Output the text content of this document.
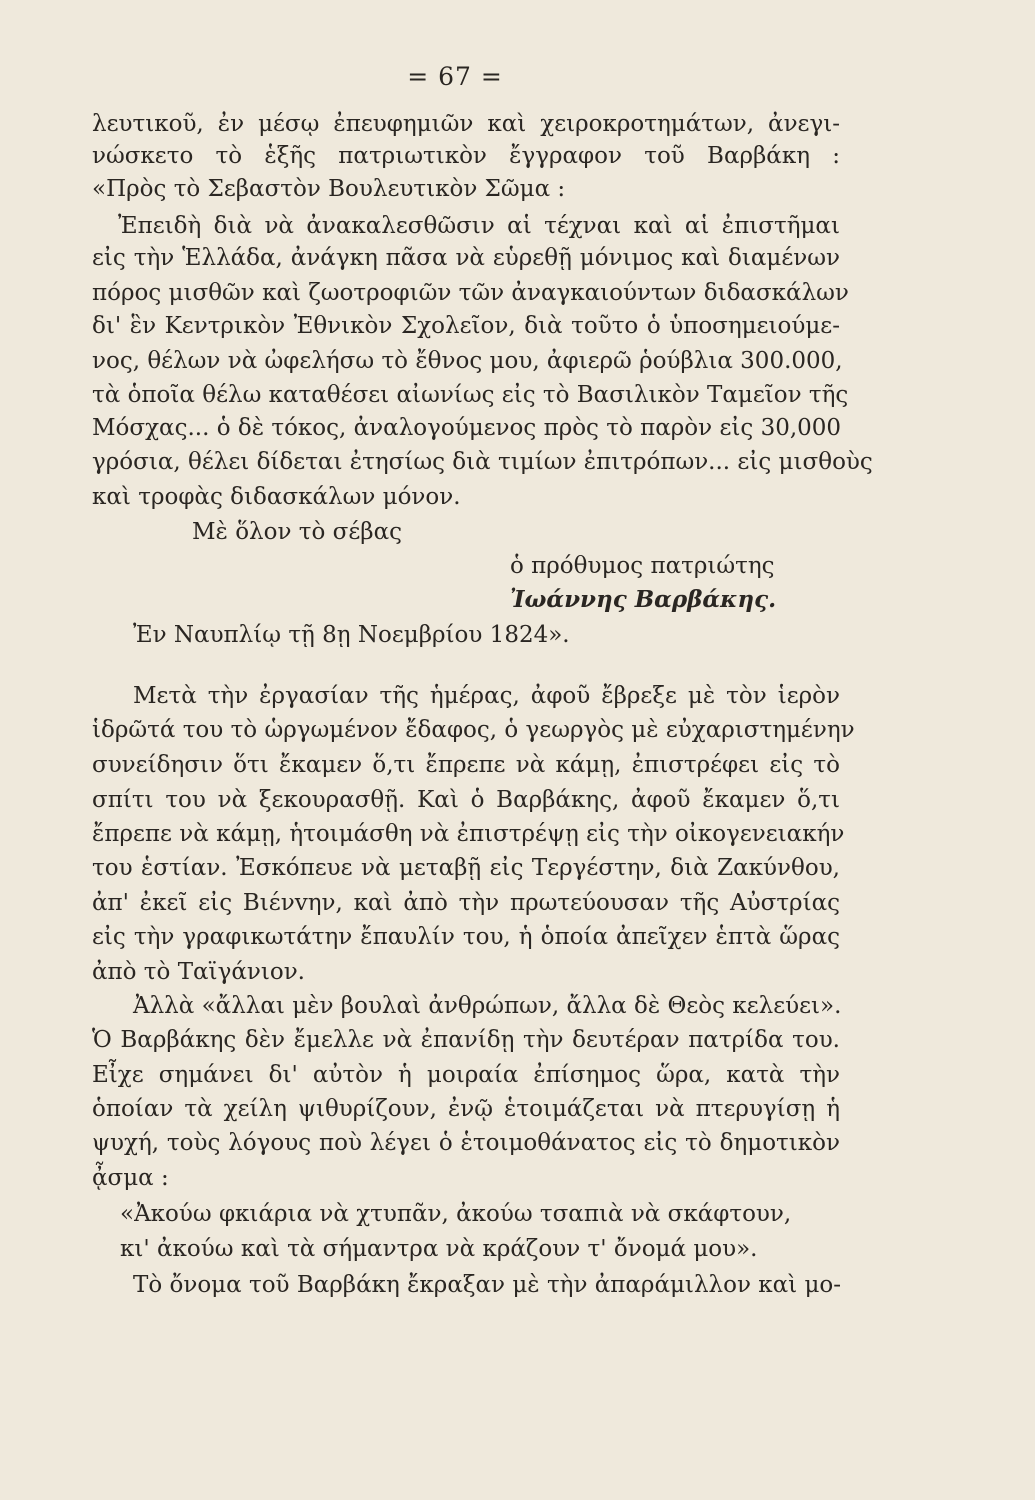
= 67 =
λευτικοῦ, ἐν μέσῳ ἐπευφημιῶν καὶ χειροκροτημάτων, ἀνεγι-
νώσκετο τὸ ἑξῆς πατριωτικὸν ἔγγραφον τοῦ Βαρβάκη :
«Πρὸς τὸ Σεβαστὸν Βουλευτικὸν Σῶμα :
Ἐπειδὴ διὰ νὰ ἀνακαλεσθῶσιν αἱ τέχναι καὶ αἱ ἐπιστῆμαι
εἰς τὴν Ἑλλάδα, ἀνάγκη πᾶσα νὰ εὑρεθῇ μόνιμος καὶ διαμένων
πόρος μισθῶν καὶ ζωοτροφιῶν τῶν ἀναγκαιούντων διδασκάλων
δι' ἓν Κεντρικὸν Ἐθνικὸν Σχολεῖον, διὰ τοῦτο ὁ ὑποσημειούμε-
νος, θέλων νὰ ὠφελήσω τὸ ἔθνος μου, ἀφιερῶ ῥούβλια 300.000,
τὰ ὁποῖα θέλω καταθέσει αἰωνίως εἰς τὸ Βασιλικὸν Ταμεῖον τῆς
Μόσχας... ὁ δὲ τόκος, ἀναλογούμενος πρὸς τὸ παρὸν εἰς 30,000
γρόσια, θέλει δίδεται ἐτησίως διὰ τιμίων ἐπιτρόπων... εἰς μισθοὺς
καὶ τροφὰς διδασκάλων μόνον.
Μὲ ὅλον τὸ σέβας
ὁ πρόθυμος πατριώτης
Ἰωάννης Βαρβάκης.
Ἐν Ναυπλίῳ τῇ 8ῃ Νοεμβρίου 1824».
Μετὰ τὴν ἐργασίαν τῆς ἡμέρας, ἀφοῦ ἔβρεξε μὲ τὸν ἱερὸν
ἱδρῶτά του τὸ ὡργωμένον ἔδαφος, ὁ γεωργὸς μὲ εὐχαριστημένην
συνείδησιν ὅτι ἔκαμεν ὅ,τι ἔπρεπε νὰ κάμῃ, ἐπιστρέφει εἰς τὸ
σπίτι του νὰ ξεκουρασθῇ. Καὶ ὁ Βαρβάκης, ἀφοῦ ἔκαμεν ὅ,τι
ἔπρεπε νὰ κάμῃ, ἡτοιμάσθη νὰ ἐπιστρέψῃ εἰς τὴν οἰκογενειακήν
του ἑστίαν. Ἐσκόπευε νὰ μεταβῇ εἰς Τεργέστην, διὰ Ζακύνθου,
ἀπ' ἐκεῖ εἰς Βιένvην, καὶ ἀπὸ τὴν πρωτεύουσαν τῆς Αὐστρίας
εἰς τὴν γραφικωτάτην ἔπαυλίν του, ἡ ὁποία ἀπεῖχεν ἑπτὰ ὥρας
ἀπὸ τὸ Ταϊγάνιον.
Ἀλλὰ «ἄλλαι μὲν βουλαὶ ἀνθρώπων, ἄλλα δὲ Θεὸς κελεύει».
Ὁ Βαρβάκης δὲν ἔμελλε νὰ ἐπανίδῃ τὴν δευτέραν πατρίδα του.
Εἶχε σημάνει δι' αὐτὸν ἡ μοιραία ἐπίσημος ὥρα, κατὰ τὴν
ὁποίαν τὰ χείλη ψιθυρίζουν, ἐνῷ ἑτοιμάζεται νὰ πτερυγίσῃ ἡ
ψυχή, τοὺς λόγους ποὺ λέγει ὁ ἑτοιμοθάνατος εἰς τὸ δημοτικὸν
ᾆσμα :
«Ἀκούω φκιάρια νὰ χτυπᾶν, ἀκούω τσαπιὰ νὰ σκάφτουν,
κι' ἀκούω καὶ τὰ σήμαντρα νὰ κράζουν τ' ὄνομά μου».
Τὸ ὄνομα τοῦ Βαρβάκη ἔκραξαν μὲ τὴν ἀπαράμιλλον καὶ μο-
